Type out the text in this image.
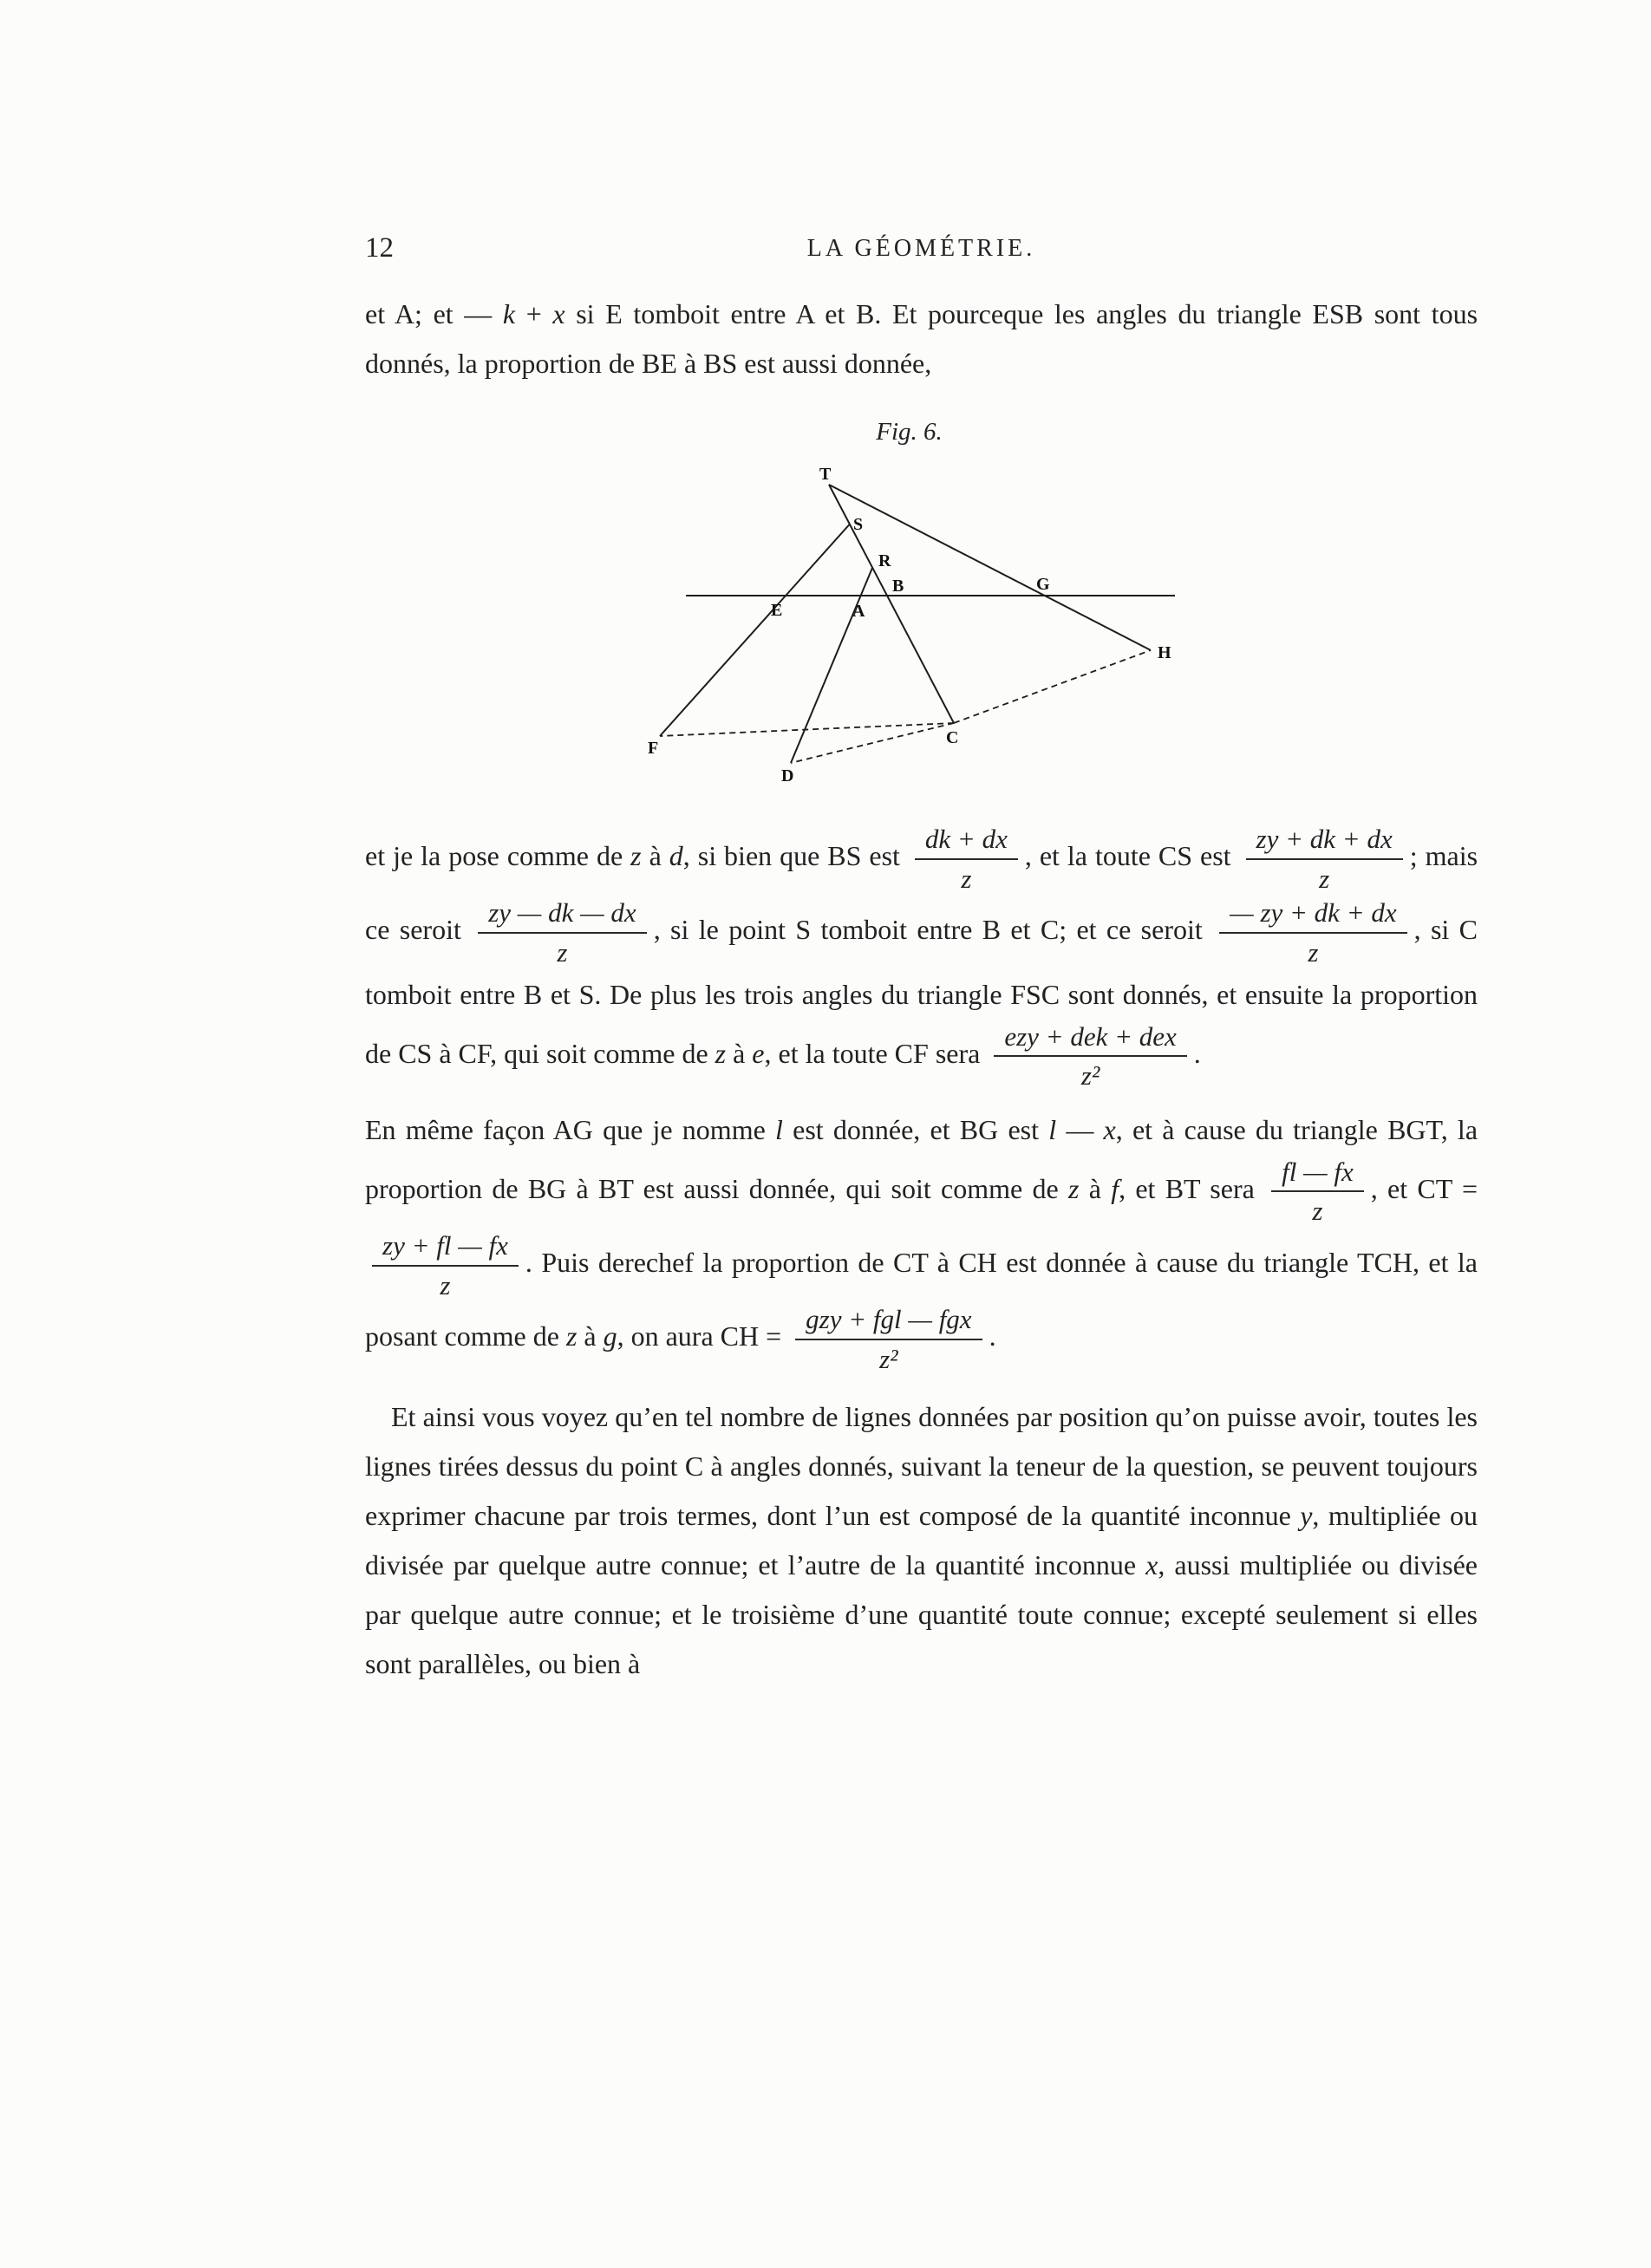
12	LA GÉOMÉTRIE.

et A; et — k + x si E tomboit entre A et B. Et pourceque les angles du triangle ESB sont tous donnés, la proportion de BE à BS est aussi donnée,

Fig. 6.
T
S
R
B	G
E	A
H
F
C
D

et je la pose comme de z à d, si bien que BS est $\frac{dk + dx}{z}$ , et la toute CS est $\frac{zy + dk + dx}{z}$ ; mais ce seroit $\frac{zy — dk — dx}{z}$ , si le point S tomboit entre B et C; et ce seroit $\frac{— zy + dk + dx}{z}$ , si C tomboit entre B et S. De plus les trois angles du triangle FSC sont donnés, et ensuite la proportion de CS à CF, qui soit comme de z à e, et la toute CF sera $\frac{\text{ezy + dek + dex}}{\text{z²}}$ .

En même façon AG que je nomme l est donnée, et BG est l — x, et à cause du triangle BGT, la proportion de BG à BT est aussi donnée, qui soit comme de z à f, et BT sera $\frac{fl — fx}{z}$ , et CT =
$\frac{zy + fl — fx}{z}$ . Puis derechef la proportion de CT à CH est donnée à cause du triangle TCH, et la posant comme de z à g, on aura CH = $\frac{\text{gzy + fgl — fgx}}{\text{z²}}$ .

Et ainsi vous voyez qu’en tel nombre de lignes données par position qu’on puisse avoir, toutes les lignes tirées dessus du point C à angles donnés, suivant la teneur de la question, se peuvent toujours exprimer chacune par trois termes, dont l’un est composé de la quantité inconnue y, multipliée ou divisée par quelque autre connue; et l’autre de la quantité inconnue x, aussi multipliée ou divisée par quelque autre connue; et le troisième d’une quantité toute connue; excepté seulement si elles sont parallèles, ou bien à
